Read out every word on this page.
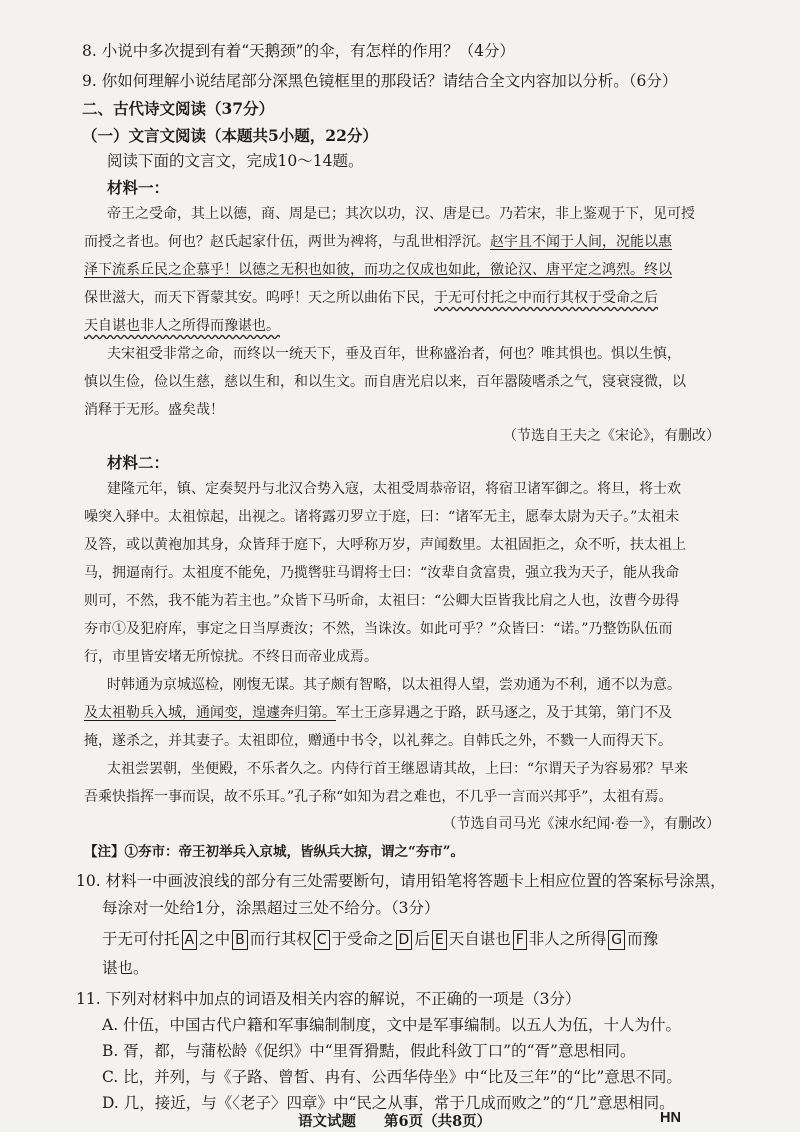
8. 小说中多次提到有着“天鹅颈”的伞，有怎样的作用？（4分）
9. 你如何理解小说结尾部分深黑色镜框里的那段话？请结合全文内容加以分析。（6分）
二、古代诗文阅读（37分）
（一）文言文阅读（本题共5小题，22分）
阅读下面的文言文，完成10～14题。
材料一：
帝王之受命，其上以德，商、周是已；其次以功，汉、唐是已。乃若宋，非上鉴观于下，见可授
而授之者也。何也？赵氏起家什伍，两世为裨将，与乱世相浮沉。赵宇且不闻于人间，况能以惠
泽下流系丘民之企慕乎！以德之无积也如彼，而功之仅成也如此，徼论汉、唐平定之鸿烈。终以
保世滋大，而天下胥蒙其安。呜呼！天之所以曲佑下民，于无可付托之中而行其权于受命之后
天自谌也非人之所得而豫谌也。
夫宋祖受非常之命，而终以一统天下，垂及百年，世称盛治者，何也？唯其惧也。惧以生慎，
慎以生俭，俭以生慈，慈以生和，和以生文。而自唐光启以来，百年嚣陵嗜杀之气，寖衰寖微，以
消释于无形。盛矣哉！
（节选自王夫之《宋论》，有删改）
材料二：
建隆元年，镇、定奏契丹与北汉合势入寇，太祖受周恭帝诏，将宿卫诸军御之。将旦，将士欢
噪突入驿中。太祖惊起，出视之。诸将露刃罗立于庭，曰：“诸军无主，愿奉太尉为天子。”太祖未
及答，或以黄袍加其身，众皆拜于庭下，大呼称万岁，声闻数里。太祖固拒之，众不听，扶太祖上
马，拥逼南行。太祖度不能免，乃揽辔驻马谓将士曰：“汝辈自贪富贵，强立我为天子，能从我命
则可，不然，我不能为若主也。”众皆下马听命，太祖曰：“公卿大臣皆我比肩之人也，汝曹今毋得
夯市①及犯府库，事定之日当厚赉汝；不然，当诛汝。如此可乎？”众皆曰：“诺。”乃整饬队伍而
行，市里皆安堵无所惊扰。不终日而帝业成焉。
时韩通为京城巡检，刚愎无谋。其子颇有智略，以太祖得人望，尝劝通为不利，通不以为意。
及太祖勒兵入城，通闻变，遑遽奔归第。军士王彦昇遇之于路，跃马逐之，及于其第，第门不及
掩，遂杀之，并其妻子。太祖即位，赠通中书令，以礼葬之。自韩氏之外，不戮一人而得天下。
太祖尝罢朝，坐便殿，不乐者久之。内侍行首王继恩请其故，上曰：“尔谓天子为容易邪？早来
吾乘快指挥一事而误，故不乐耳。”孔子称“如知为君之难也，不几乎一言而兴邦乎”，太祖有焉。
（节选自司马光《涑水纪闻·卷一》，有删改）
【注】①夯市：帝王初举兵入京城，皆纵兵大掠，谓之“夯市”。
10. 材料一中画波浪线的部分有三处需要断句，请用铅笔将答题卡上相应位置的答案标号涂黑，
每涂对一处给1分，涂黑超过三处不给分。（3分）
于无可付托 A 之中 B 而行其权 C 于受命之 D 后 E 天自谌也 F 非人之所得 G 而豫
谌也。
11. 下列对材料中加点的词语及相关内容的解说，不正确的一项是（3分）
A. 什伍，中国古代户籍和军事编制制度，文中是军事编制。以五人为伍，十人为什。
B. 胥，都，与蒲松龄《促织》中“里胥猾黠，假此科敛丁口”的“胥”意思相同。
C. 比，并列，与《子路、曾皙、冉有、公西华侍坐》中“比及三年”的“比”意思不同。
D. 几，接近，与《〈老子〉四章》中“民之从事，常于几成而败之”的“几”意思相同。
语文试题 第6页（共8页）	HN
